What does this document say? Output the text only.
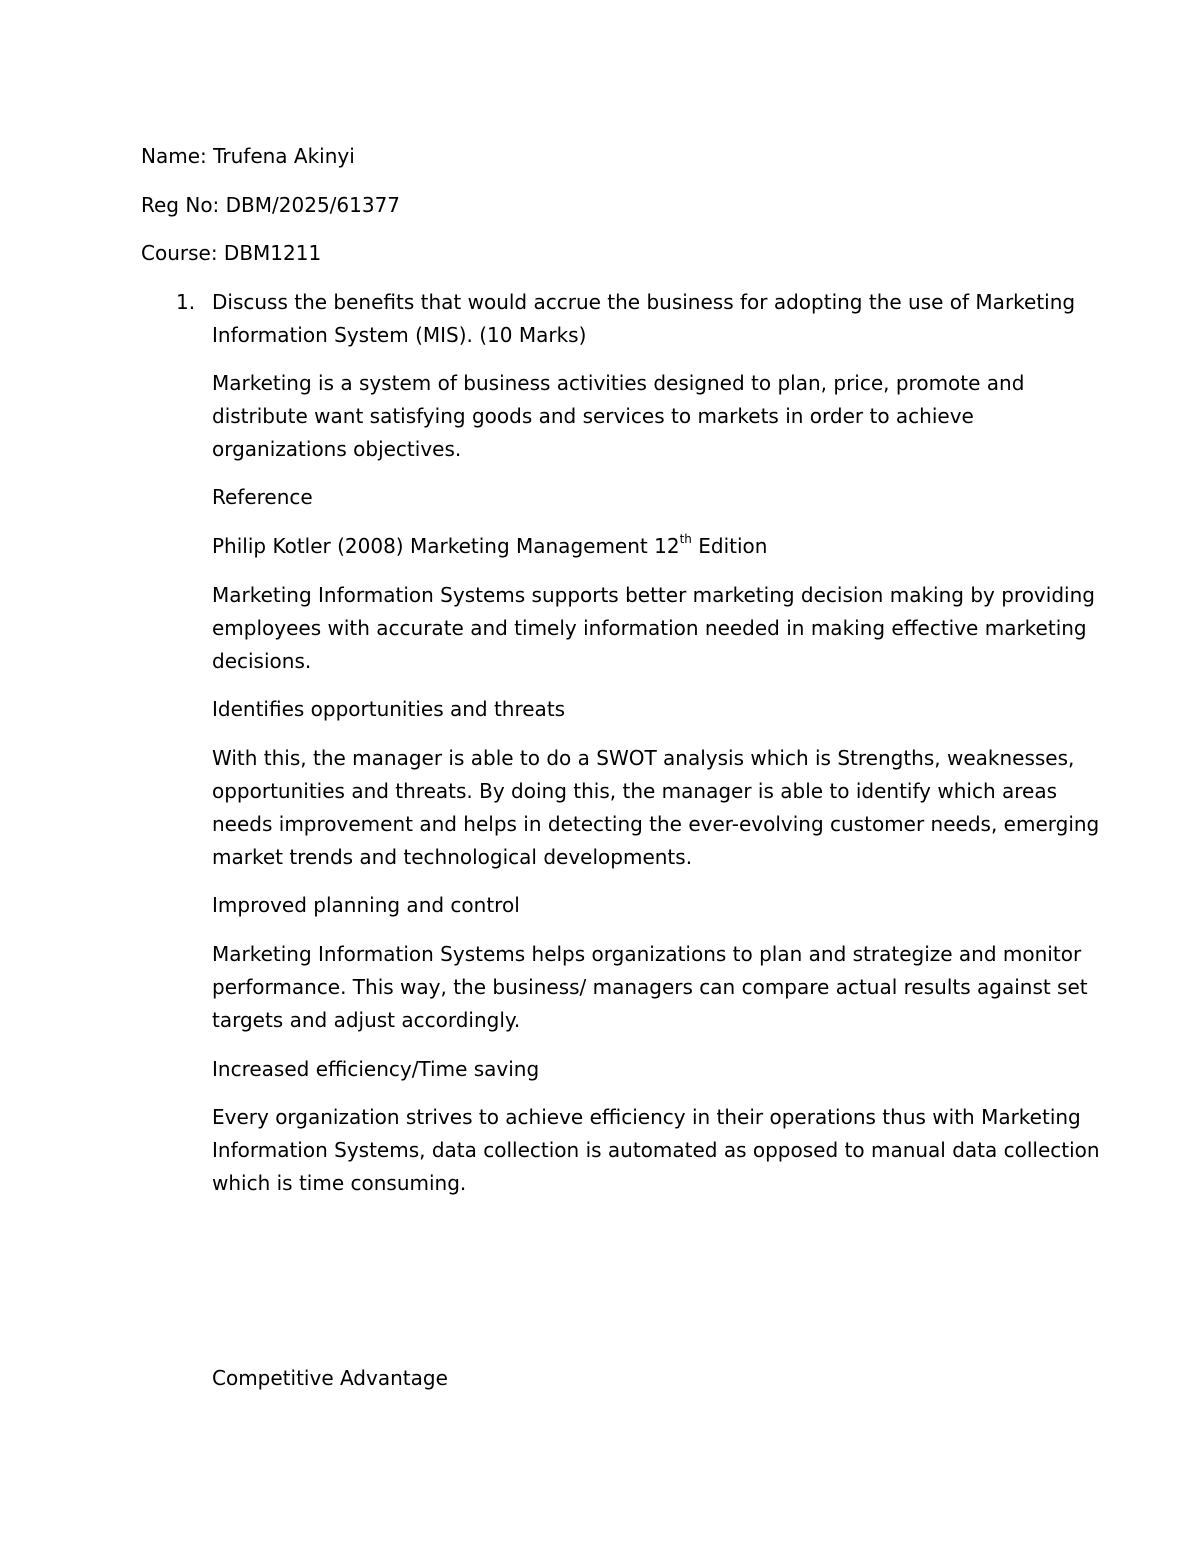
Name: Trufena Akinyi

Reg No: DBM/2025/61377

Course: DBM1211

1. Discuss the benefits that would accrue the business for adopting the use of Marketing
Information System (MIS). (10 Marks)
Marketing is a system of business activities designed to plan, price, promote and
distribute want satisfying goods and services to markets in order to achieve
organizations objectives.

Reference

Philip Kotler (2008) Marketing Management 12th Edition

Marketing Information Systems supports better marketing decision making by providing
employees with accurate and timely information needed in making effective marketing
decisions.

Identifies opportunities and threats

With this, the manager is able to do a SWOT analysis which is Strengths, weaknesses,
opportunities and threats. By doing this, the manager is able to identify which areas
needs improvement and helps in detecting the ever-evolving customer needs, emerging
market trends and technological developments.

Improved planning and control

Marketing Information Systems helps organizations to plan and strategize and monitor
performance. This way, the business/ managers can compare actual results against set
targets and adjust accordingly.

Increased efficiency/Time saving

Every organization strives to achieve efficiency in their operations thus with Marketing
Information Systems, data collection is automated as opposed to manual data collection
which is time consuming.

Competitive Advantage
